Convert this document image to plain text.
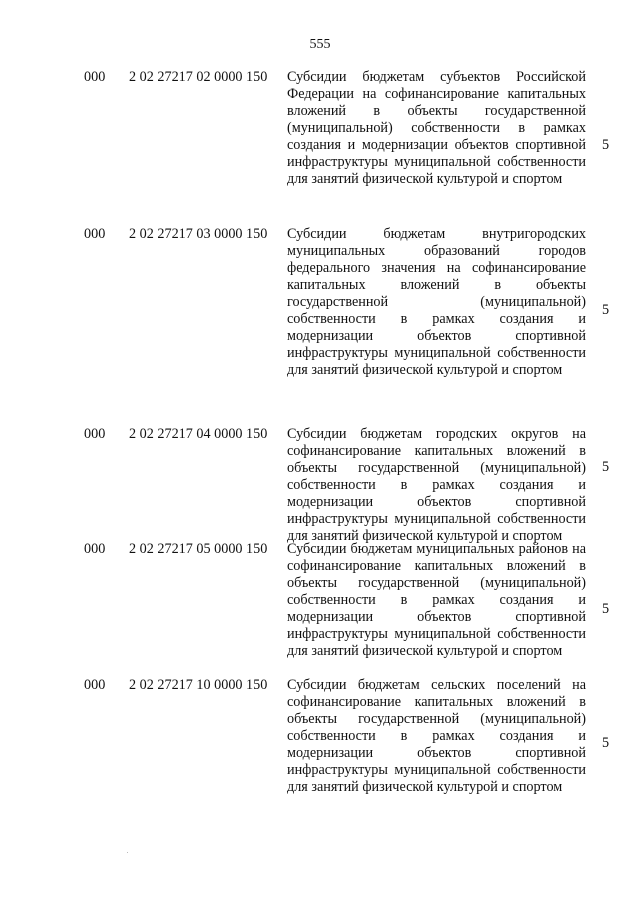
555
000 2 02 27217 02 0000 150 Субсидии бюджетам субъектов Российской Федерации на софинансирование капитальных вложений в объекты государственной (муниципальной) собственности в рамках создания и модернизации объектов спортивной инфраструктуры муниципальной собственности для занятий физической культурой и спортом
5
000 2 02 27217 03 0000 150 Субсидии бюджетам внутригородских муниципальных образований городов федерального значения на софинансирование капитальных вложений в объекты государственной (муниципальной) собственности в рамках создания и модернизации объектов спортивной инфраструктуры муниципальной собственности для занятий физической культурой и спортом
5
000 2 02 27217 04 0000 150 Субсидии бюджетам городских округов на софинансирование капитальных вложений в объекты государственной (муниципальной) собственности в рамках создания и модернизации объектов спортивной инфраструктуры муниципальной собственности для занятий физической культурой и спортом
5
000 2 02 27217 05 0000 150 Субсидии бюджетам муниципальных районов на софинансирование капитальных вложений в объекты государственной (муниципальной) собственности в рамках создания и модернизации объектов спортивной инфраструктуры муниципальной собственности для занятий физической культурой и спортом
5
000 2 02 27217 10 0000 150 Субсидии бюджетам сельских поселений на софинансирование капитальных вложений в объекты государственной (муниципальной) собственности в рамках создания и модернизации объектов спортивной инфраструктуры муниципальной собственности для занятий физической культурой и спортом
5
